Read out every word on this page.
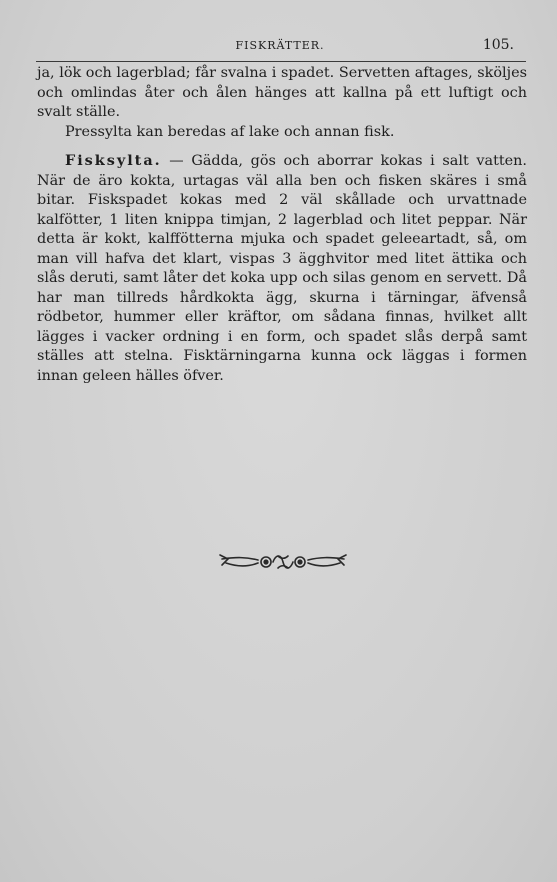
FISKRÄTTER.	105.

ja, lök och lagerblad; får svalna i spadet. Servetten aftages, sköljes och omlindas åter och ålen hänges att kallna på ett luftigt och svalt ställe.

Pressylta kan beredas af lake och annan fisk.

Fisksylta. — Gädda, gös och aborrar kokas i salt vatten. När de äro kokta, urtagas väl alla ben och fisken skäres i små bitar. Fiskspadet kokas med 2 väl skållade och urvattnade kalfötter, 1 liten knippa timjan, 2 lagerblad och litet peppar. När detta är kokt, kalffötterna mjuka och spadet geleeartadt, så, om man vill hafva det klart, vispas 3 ägghvitor med litet ättika och slås deruti, samt låter det koka upp och silas genom en servett. Då har man tillreds hårdkokta ägg, skurna i tärningar, äfvenså rödbetor, hummer eller kräftor, om sådana finnas, hvilket allt lägges i vacker ordning i en form, och spadet slås derpå samt ställes att stelna. Fisktärningarna kunna ock läggas i formen innan geleen hälles öfver.
